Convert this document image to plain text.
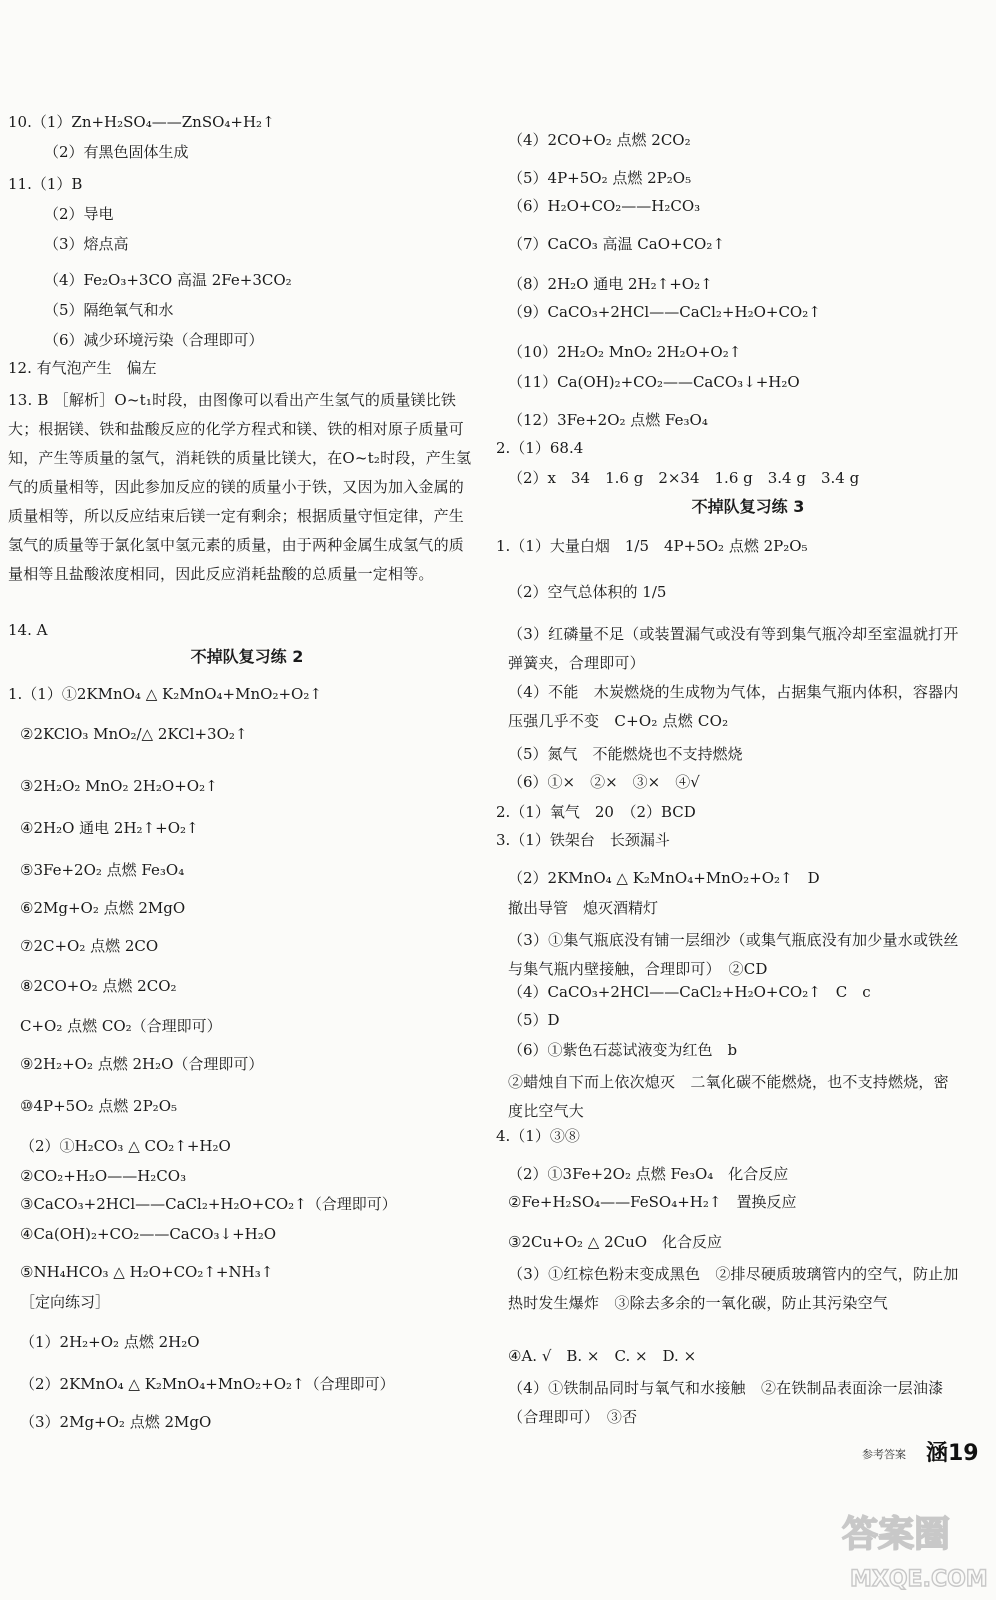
10.（1）Zn+H₂SO₄——ZnSO₄+H₂↑
（2）有黑色固体生成
11.（1）B
（2）导电
（3）熔点高
（4）Fe₂O₃+3CO 高温 2Fe+3CO₂
（5）隔绝氧气和水
（6）减少环境污染（合理即可）
12. 有气泡产生　偏左
13. B ［解析］O~t₁时段，由图像可以看出产生氢气的质量镁比铁大；根据镁、铁和盐酸反应的化学方程式和镁、铁的相对原子质量可知，产生等质量的氢气，消耗铁的质量比镁大，在O~t₂时段，产生氢气的质量相等，因此参加反应的镁的质量小于铁，又因为加入金属的质量相等，所以反应结束后镁一定有剩余；根据质量守恒定律，产生氢气的质量等于氯化氢中氢元素的质量，由于两种金属生成氢气的质量相等且盐酸浓度相同，因此反应消耗盐酸的总质量一定相等。
14. A
不掉队复习练 2
1.（1）①2KMnO₄ △ K₂MnO₄+MnO₂+O₂↑
②2KClO₃ MnO₂/△ 2KCl+3O₂↑
③2H₂O₂ MnO₂ 2H₂O+O₂↑
④2H₂O 通电 2H₂↑+O₂↑
⑤3Fe+2O₂ 点燃 Fe₃O₄
⑥2Mg+O₂ 点燃 2MgO
⑦2C+O₂ 点燃 2CO
⑧2CO+O₂ 点燃 2CO₂
C+O₂ 点燃 CO₂（合理即可）
⑨2H₂+O₂ 点燃 2H₂O（合理即可）
⑩4P+5O₂ 点燃 2P₂O₅
（2）①H₂CO₃ △ CO₂↑+H₂O
②CO₂+H₂O——H₂CO₃
③CaCO₃+2HCl——CaCl₂+H₂O+CO₂↑（合理即可）
④Ca(OH)₂+CO₂——CaCO₃↓+H₂O
⑤NH₄HCO₃ △ H₂O+CO₂↑+NH₃↑
［定向练习］
（1）2H₂+O₂ 点燃 2H₂O
（2）2KMnO₄ △ K₂MnO₄+MnO₂+O₂↑（合理即可）
（3）2Mg+O₂ 点燃 2MgO
（4）2CO+O₂ 点燃 2CO₂
（5）4P+5O₂ 点燃 2P₂O₅
（6）H₂O+CO₂——H₂CO₃
（7）CaCO₃ 高温 CaO+CO₂↑
（8）2H₂O 通电 2H₂↑+O₂↑
（9）CaCO₃+2HCl——CaCl₂+H₂O+CO₂↑
（10）2H₂O₂ MnO₂ 2H₂O+O₂↑
（11）Ca(OH)₂+CO₂——CaCO₃↓+H₂O
（12）3Fe+2O₂ 点燃 Fe₃O₄
2.（1）68.4
（2）x　34　1.6 g　2×34　1.6 g　3.4 g　3.4 g
不掉队复习练 3
1.（1）大量白烟　1/5　4P+5O₂ 点燃 2P₂O₅
（2）空气总体积的 1/5
（3）红磷量不足（或装置漏气或没有等到集气瓶冷却至室温就打开弹簧夹，合理即可）
（4）不能　木炭燃烧的生成物为气体，占据集气瓶内体积，容器内压强几乎不变　C+O₂ 点燃 CO₂
（5）氮气　不能燃烧也不支持燃烧
（6）①×　②×　③×　④√
2.（1）氧气　20　（2）BCD
3.（1）铁架台　长颈漏斗
（2）2KMnO₄ △ K₂MnO₄+MnO₂+O₂↑　D
撤出导管　熄灭酒精灯
（3）①集气瓶底没有铺一层细沙（或集气瓶底没有加少量水或铁丝与集气瓶内壁接触，合理即可）　②CD
（4）CaCO₃+2HCl——CaCl₂+H₂O+CO₂↑　C　c
（5）D
（6）①紫色石蕊试液变为红色　b
②蜡烛自下而上依次熄灭　二氧化碳不能燃烧，也不支持燃烧，密度比空气大
4.（1）③⑧
（2）①3Fe+2O₂ 点燃 Fe₃O₄　化合反应
②Fe+H₂SO₄——FeSO₄+H₂↑　置换反应
③2Cu+O₂ △ 2CuO　化合反应
（3）①红棕色粉末变成黑色　②排尽硬质玻璃管内的空气，防止加热时发生爆炸　③除去多余的一氧化碳，防止其污染空气
④A. √　B. ×　C. ×　D. ×
（4）①铁制品同时与氧气和水接触　②在铁制品表面涂一层油漆（合理即可）　③否
参考答案 涵19
答案圈
MXQE.COM
